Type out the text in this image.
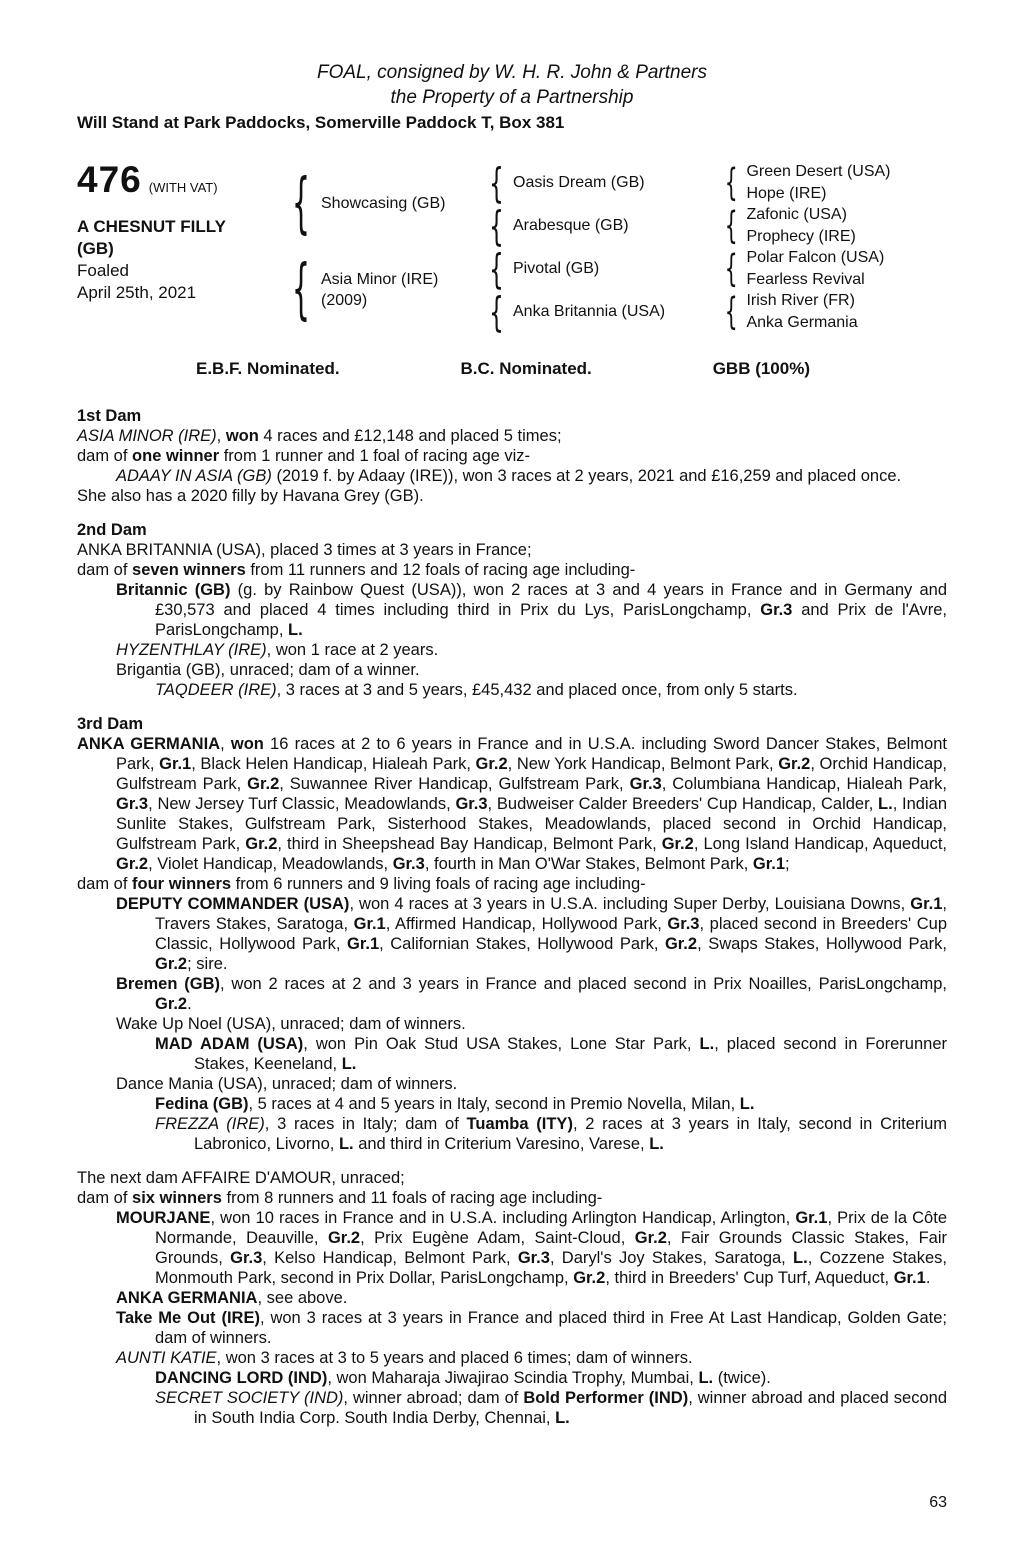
FOAL, consigned by W. H. R. John & Partners
the Property of a Partnership
Will Stand at Park Paddocks, Somerville Paddock T, Box 381
476 (WITH VAT)
A CHESNUT FILLY
(GB)
Foaled
April 25th, 2021
{ Showcasing (GB)
{ Asia Minor (IRE)
(2009)
{ Oasis Dream (GB)
{ Arabesque (GB)
{ Pivotal (GB)
{ Anka Britannia (USA)
{ Green Desert (USA)
Hope (IRE)
{ Zafonic (USA)
Prophecy (IRE)
{ Polar Falcon (USA)
Fearless Revival
{ Irish River (FR)
Anka Germania
E.B.F. Nominated.	B.C. Nominated.	GBB (100%)
1st Dam

ASIA MINOR (IRE), won 4 races and £12,148 and placed 5 times;

dam of one winner from 1 runner and 1 foal of racing age viz-

ADAAY IN ASIA (GB) (2019 f. by Adaay (IRE)), won 3 races at 2 years, 2021 and £16,259 and placed once.

She also has a 2020 filly by Havana Grey (GB).

2nd Dam

ANKA BRITANNIA (USA), placed 3 times at 3 years in France;

dam of seven winners from 11 runners and 12 foals of racing age including-

Britannic (GB) (g. by Rainbow Quest (USA)), won 2 races at 3 and 4 years in France and in Germany and £30,573 and placed 4 times including third in Prix du Lys, ParisLongchamp, Gr.3 and Prix de l'Avre, ParisLongchamp, L.

HYZENTHLAY (IRE), won 1 race at 2 years.

Brigantia (GB), unraced; dam of a winner.

TAQDEER (IRE), 3 races at 3 and 5 years, £45,432 and placed once, from only 5 starts.

3rd Dam

ANKA GERMANIA, won 16 races at 2 to 6 years in France and in U.S.A. including Sword Dancer Stakes, Belmont Park, Gr.1, Black Helen Handicap, Hialeah Park, Gr.2, New York Handicap, Belmont Park, Gr.2, Orchid Handicap, Gulfstream Park, Gr.2, Suwannee River Handicap, Gulfstream Park, Gr.3, Columbiana Handicap, Hialeah Park, Gr.3, New Jersey Turf Classic, Meadowlands, Gr.3, Budweiser Calder Breeders' Cup Handicap, Calder, L., Indian Sunlite Stakes, Gulfstream Park, Sisterhood Stakes, Meadowlands, placed second in Orchid Handicap, Gulfstream Park, Gr.2, third in Sheepshead Bay Handicap, Belmont Park, Gr.2, Long Island Handicap, Aqueduct, Gr.2, Violet Handicap, Meadowlands, Gr.3, fourth in Man O'War Stakes, Belmont Park, Gr.1;

dam of four winners from 6 runners and 9 living foals of racing age including-

DEPUTY COMMANDER (USA), won 4 races at 3 years in U.S.A. including Super Derby, Louisiana Downs, Gr.1, Travers Stakes, Saratoga, Gr.1, Affirmed Handicap, Hollywood Park, Gr.3, placed second in Breeders' Cup Classic, Hollywood Park, Gr.1, Californian Stakes, Hollywood Park, Gr.2, Swaps Stakes, Hollywood Park, Gr.2; sire.

Bremen (GB), won 2 races at 2 and 3 years in France and placed second in Prix Noailles, ParisLongchamp, Gr.2.

Wake Up Noel (USA), unraced; dam of winners.

MAD ADAM (USA), won Pin Oak Stud USA Stakes, Lone Star Park, L., placed second in Forerunner Stakes, Keeneland, L.

Dance Mania (USA), unraced; dam of winners.

Fedina (GB), 5 races at 4 and 5 years in Italy, second in Premio Novella, Milan, L.

FREZZA (IRE), 3 races in Italy; dam of Tuamba (ITY), 2 races at 3 years in Italy, second in Criterium Labronico, Livorno, L. and third in Criterium Varesino, Varese, L.

The next dam AFFAIRE D'AMOUR, unraced;

dam of six winners from 8 runners and 11 foals of racing age including-

MOURJANE, won 10 races in France and in U.S.A. including Arlington Handicap, Arlington, Gr.1, Prix de la Côte Normande, Deauville, Gr.2, Prix Eugène Adam, Saint-Cloud, Gr.2, Fair Grounds Classic Stakes, Fair Grounds, Gr.3, Kelso Handicap, Belmont Park, Gr.3, Daryl's Joy Stakes, Saratoga, L., Cozzene Stakes, Monmouth Park, second in Prix Dollar, ParisLongchamp, Gr.2, third in Breeders' Cup Turf, Aqueduct, Gr.1.

ANKA GERMANIA, see above.

Take Me Out (IRE), won 3 races at 3 years in France and placed third in Free At Last Handicap, Golden Gate; dam of winners.

AUNTI KATIE, won 3 races at 3 to 5 years and placed 6 times; dam of winners.

DANCING LORD (IND), won Maharaja Jiwajirao Scindia Trophy, Mumbai, L. (twice).

SECRET SOCIETY (IND), winner abroad; dam of Bold Performer (IND), winner abroad and placed second in South India Corp. South India Derby, Chennai, L.

63
